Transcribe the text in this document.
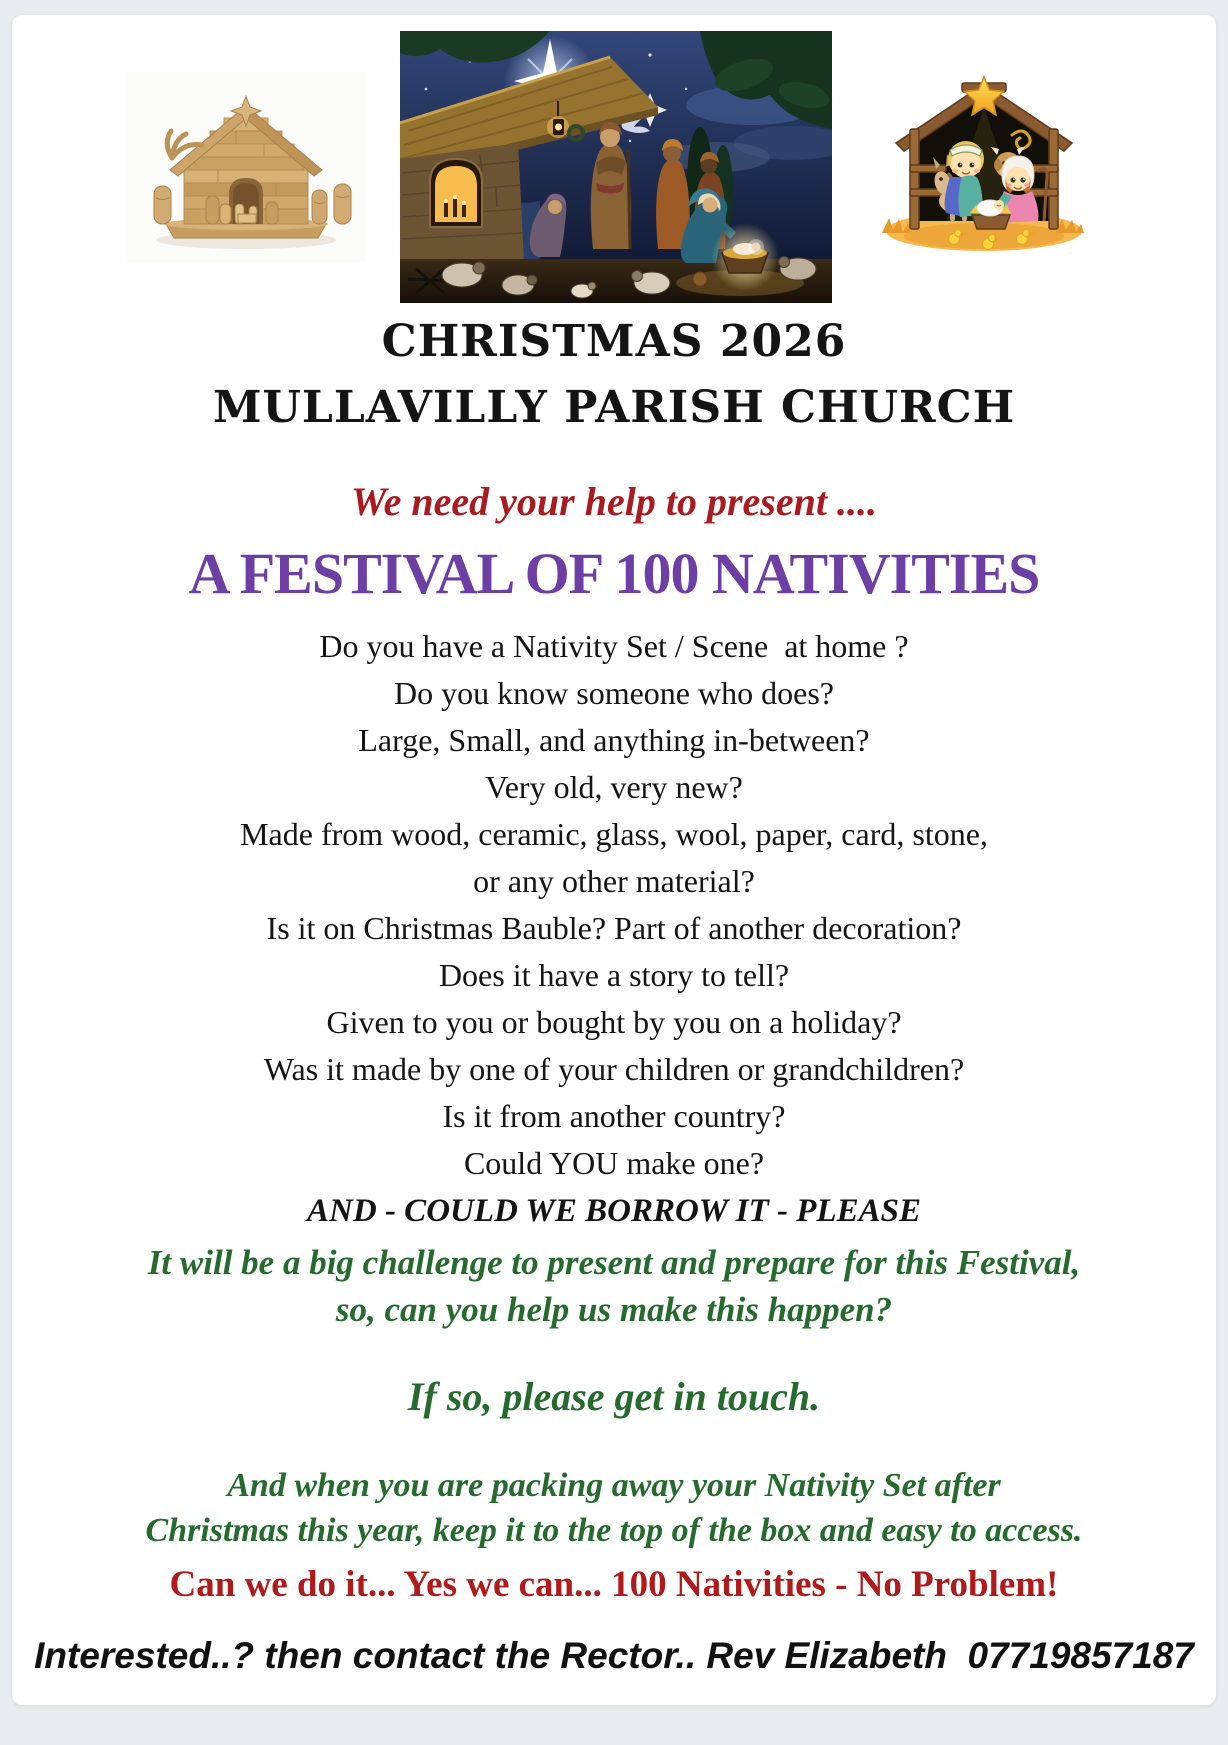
CHRISTMAS 2026
MULLAVILLY PARISH CHURCH
We need your help to present ....
A FESTIVAL OF 100 NATIVITIES
Do you have a Nativity Set / Scene  at home ?
Do you know someone who does?
Large, Small, and anything in-between?
Very old, very new?
Made from wood, ceramic, glass, wool, paper, card, stone,
or any other material?
Is it on Christmas Bauble? Part of another decoration?
Does it have a story to tell?
Given to you or bought by you on a holiday?
Was it made by one of your children or grandchildren?
Is it from another country?
Could YOU make one?
AND - COULD WE BORROW IT - PLEASE
It will be a big challenge to present and prepare for this Festival,
so, can you help us make this happen?
If so, please get in touch.
And when you are packing away your Nativity Set after
Christmas this year, keep it to the top of the box and easy to access.
Can we do it... Yes we can... 100 Nativities - No Problem!
Interested..? then contact the Rector.. Rev Elizabeth  07719857187
